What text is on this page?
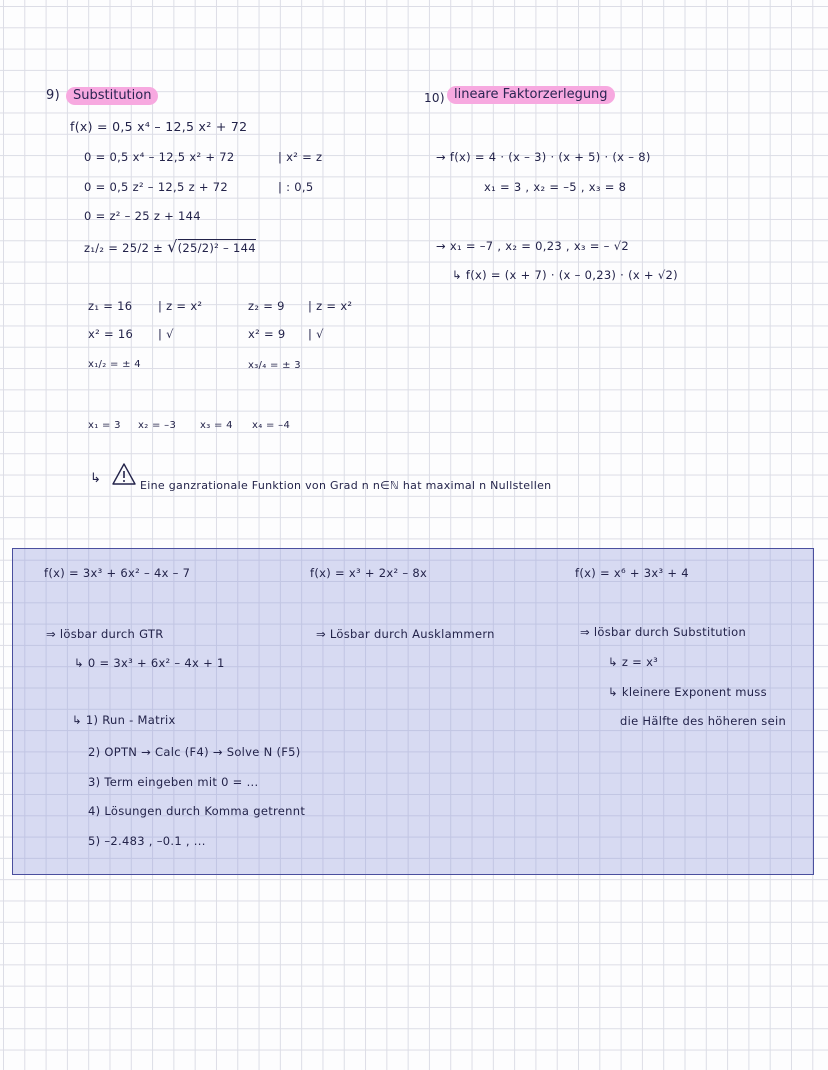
9)	Substitution
f(x) = 0,5 x⁴ – 12,5 x² + 72
0 = 0,5 x⁴ – 12,5 x² + 72	| x² = z
0 = 0,5 z² – 12,5 z + 72	| : 0,5
0 = z² – 25 z + 144
z₁/₂ = 25/2 ± √(25/2)² – 144
z₁ = 16 | z = x²
x² = 16 | √
x₁/₂ = ± 4
z₂ = 9 | z = x²
x² = 9 | √
x₃/₄ = ± 3
x₁ = 3 x₂ = –3 x₃ = 4 x₄ = –4
↳	Eine ganzrationale Funktion von Grad n n∈ℕ hat maximal n Nullstellen
10) lineare Faktorzerlegung
→ f(x) = 4 · (x – 3) · (x + 5) · (x – 8)
x₁ = 3 , x₂ = –5 , x₃ = 8
→ x₁ = –7 , x₂ = 0,23 , x₃ = – √2
↳ f(x) = (x + 7) · (x – 0,23) · (x + √2)
f(x) = 3x³ + 6x² – 4x – 7
⇒ lösbar durch GTR
↳ 0 = 3x³ + 6x² – 4x + 1
↳ 1) Run - Matrix
2) OPTN → Calc (F4) → Solve N (F5)
3) Term eingeben mit 0 = ...
4) Lösungen durch Komma getrennt
5) –2.483 , –0.1 , ...
f(x) = x³ + 2x² – 8x
⇒ Lösbar durch Ausklammern
f(x) = x⁶ + 3x³ + 4
⇒ lösbar durch Substitution
↳ z = x³
↳ kleinere Exponent muss
die Hälfte des höheren sein
